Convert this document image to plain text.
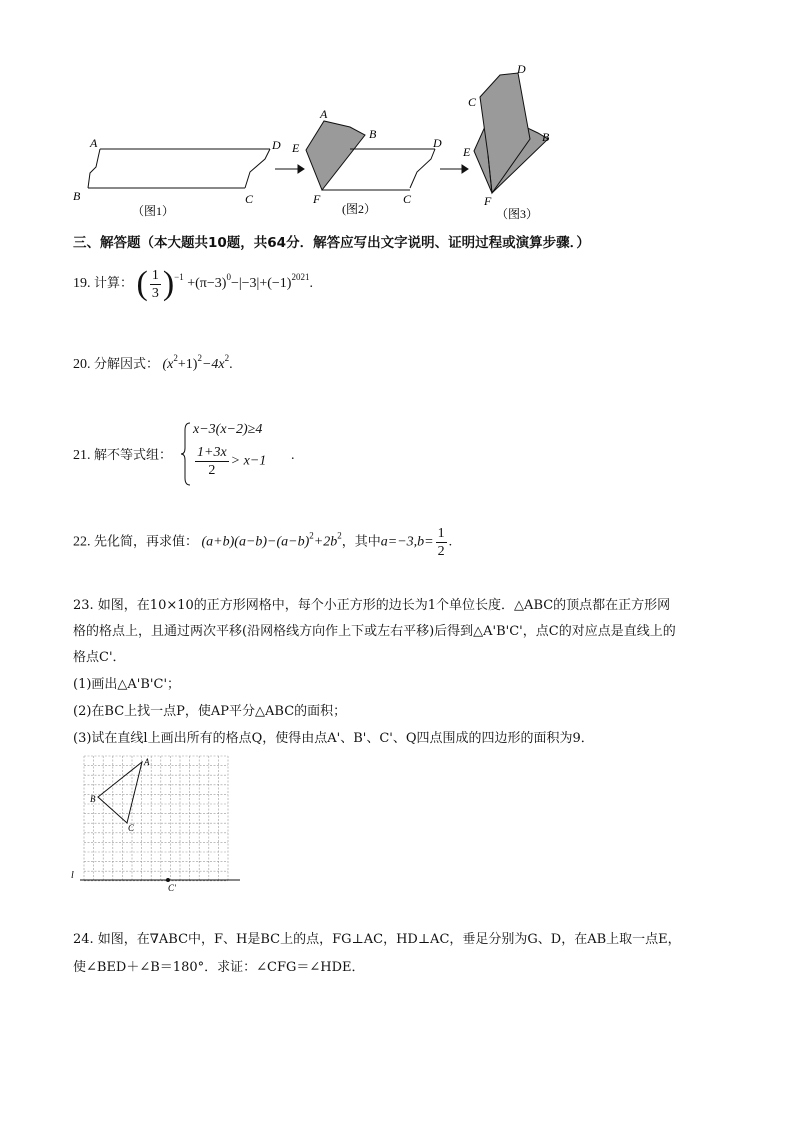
A
B	C
D
（图1）
A
B
C
D
E
F
(图2）
B
C
D
E
F
（图3）
三、解答题（本大题共10题，共64分．解答应写出文字说明、证明过程或演算步骤．）
19. 计算： ( $\frac{1}{3} )^{-1} +(\pi-3)^0-|-3|+(-1)^{2021}$.
20. 分解因式： $(x^2+1)^2-4x^2$.
21. 解不等式组：
x−3(x−2)≥4
$\frac{1+3x}{2} > x-1$ .
22. 先化简，再求值： $(a+b)(a-b)-(a-b)^2+2b^2$，其中$a=-3,b= \frac{1}{2}$ .
23. 如图，在10×10的正方形网格中，每个小正方形的边长为1个单位长度．△ABC的顶点都在正方形网
格的格点上，且通过两次平移(沿网格线方向作上下或左右平移)后得到△A'B'C'，点C的对应点是直线上的
格点C'．
(1)画出△A'B'C'；
(2)在BC上找一点P，使AP平分△ABC的面积；
(3)试在直线l上画出所有的格点Q，使得由点A'、B'、C'、Q四点围成的四边形的面积为9．
A
B
C
l
C'
24. 如图，在∇ABC中，F、H是BC上的点，FG⊥AC，HD⊥AC，垂足分别为G、D，在AB上取一点E，
使∠BED＋∠B＝180°．求证：∠CFG＝∠HDE．
